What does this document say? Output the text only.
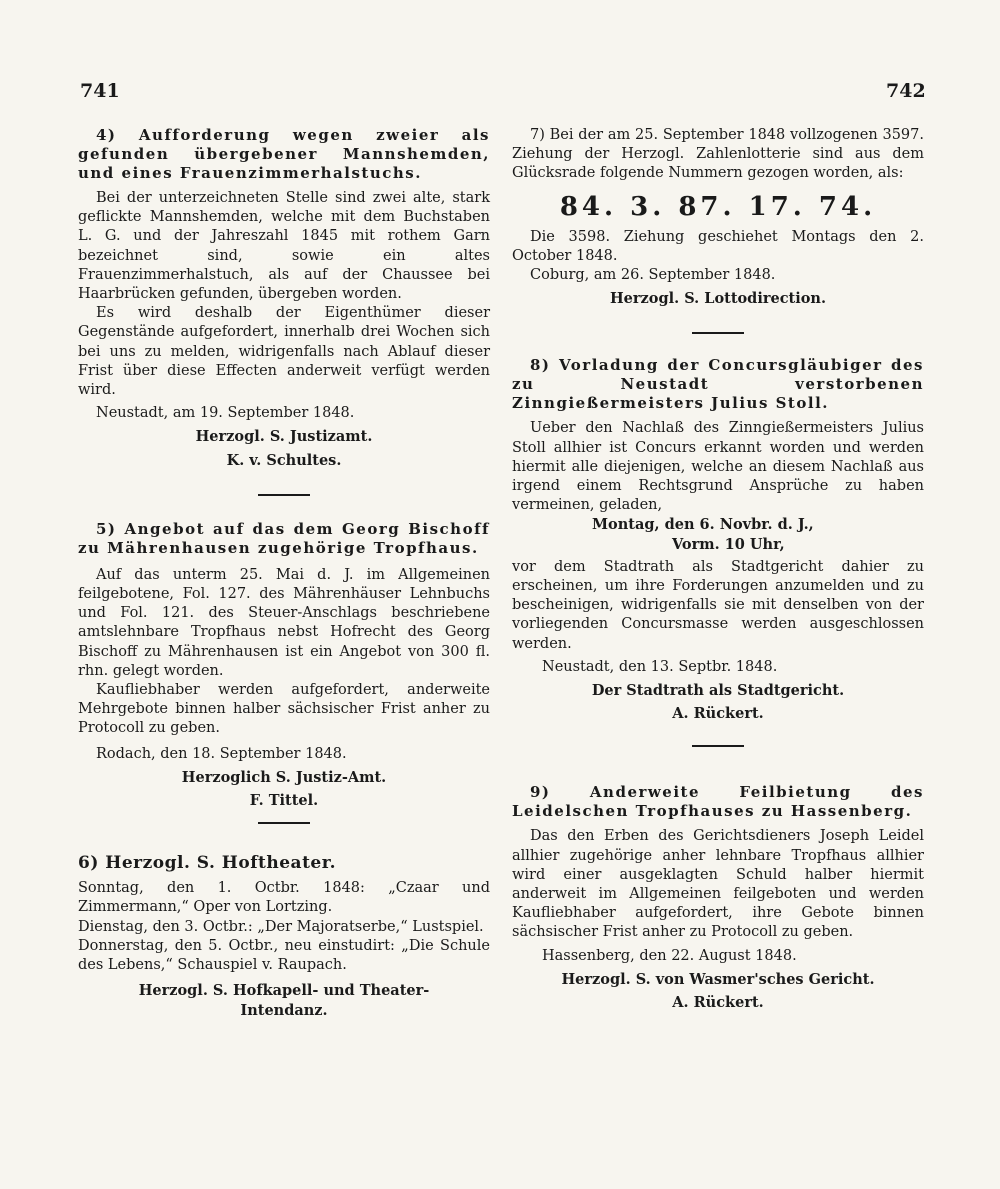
741	742
4) Aufforderung wegen zweier als gefunden übergebener Mannshemden, und eines Frauenzimmerhalstuchs.

Bei der unterzeichneten Stelle sind zwei alte, stark geflickte Mannshemden, welche mit dem Buchstaben L. G. und der Jahreszahl 1845 mit rothem Garn bezeichnet sind, sowie ein altes Frauenzimmerhalstuch, als auf der Chaussee bei Haarbrücken gefunden, übergeben worden.

Es wird deshalb der Eigenthümer dieser Gegenstände aufgefordert, innerhalb drei Wochen sich bei uns zu melden, widrigenfalls nach Ablauf dieser Frist über diese Effecten anderweit verfügt werden wird.

Neustadt, am 19. September 1848.

Herzogl. S. Justizamt.

K. v. Schultes.

5) Angebot auf das dem Georg Bischoff zu Mährenhausen zugehörige Tropfhaus.

Auf das unterm 25. Mai d. J. im Allgemeinen feilgebotene, Fol. 127. des Mährenhäuser Lehnbuchs und Fol. 121. des Steuer-Anschlags beschriebene amtslehnbare Tropfhaus nebst Hofrecht des Georg Bischoff zu Mährenhausen ist ein Angebot von 300 fl. rhn. gelegt worden.

Kaufliebhaber werden aufgefordert, anderweite Mehrgebote binnen halber sächsischer Frist anher zu Protocoll zu geben.

Rodach, den 18. September 1848.

Herzoglich S. Justiz-Amt.

F. Tittel.

6) Herzogl. S. Hoftheater.

Sonntag, den 1. Octbr. 1848: „Czaar und Zimmermann,“ Oper von Lortzing.

Dienstag, den 3. Octbr.: „Der Majoratserbe,“ Lustspiel.

Donnerstag, den 5. Octbr., neu einstudirt: „Die Schule des Lebens,“ Schauspiel v. Raupach.

Herzogl. S. Hofkapell- und Theater-Intendanz.

7) Bei der am 25. September 1848 vollzogenen 3597. Ziehung der Herzogl. Zahlenlotterie sind aus dem Glücksrade folgende Nummern gezogen worden, als:

84. 3. 87. 17. 74.

Die 3598. Ziehung geschiehet Montags den 2. October 1848.

Coburg, am 26. September 1848.

Herzogl. S. Lottodirection.

8) Vorladung der Concursgläubiger des zu Neustadt verstorbenen Zinngießermeisters Julius Stoll.

Ueber den Nachlaß des Zinngießermeisters Julius Stoll allhier ist Concurs erkannt worden und werden hiermit alle diejenigen, welche an diesem Nachlaß aus irgend einem Rechtsgrund Ansprüche zu haben vermeinen, geladen,

Montag, den 6. Novbr. d. J.,

Vorm. 10 Uhr,

vor dem Stadtrath als Stadtgericht dahier zu erscheinen, um ihre Forderungen anzumelden und zu bescheinigen, widrigenfalls sie mit denselben von der vorliegenden Concursmasse werden ausgeschlossen werden.

Neustadt, den 13. Septbr. 1848.

Der Stadtrath als Stadtgericht.

A. Rückert.

9) Anderweite Feilbietung des Leidelschen Tropfhauses zu Hassenberg.

Das den Erben des Gerichtsdieners Joseph Leidel allhier zugehörige anher lehnbare Tropfhaus allhier wird einer ausgeklagten Schuld halber hiermit anderweit im Allgemeinen feilgeboten und werden Kaufliebhaber aufgefordert, ihre Gebote binnen sächsischer Frist anher zu Protocoll zu geben.

Hassenberg, den 22. August 1848.

Herzogl. S. von Wasmer'sches Gericht.

A. Rückert.
